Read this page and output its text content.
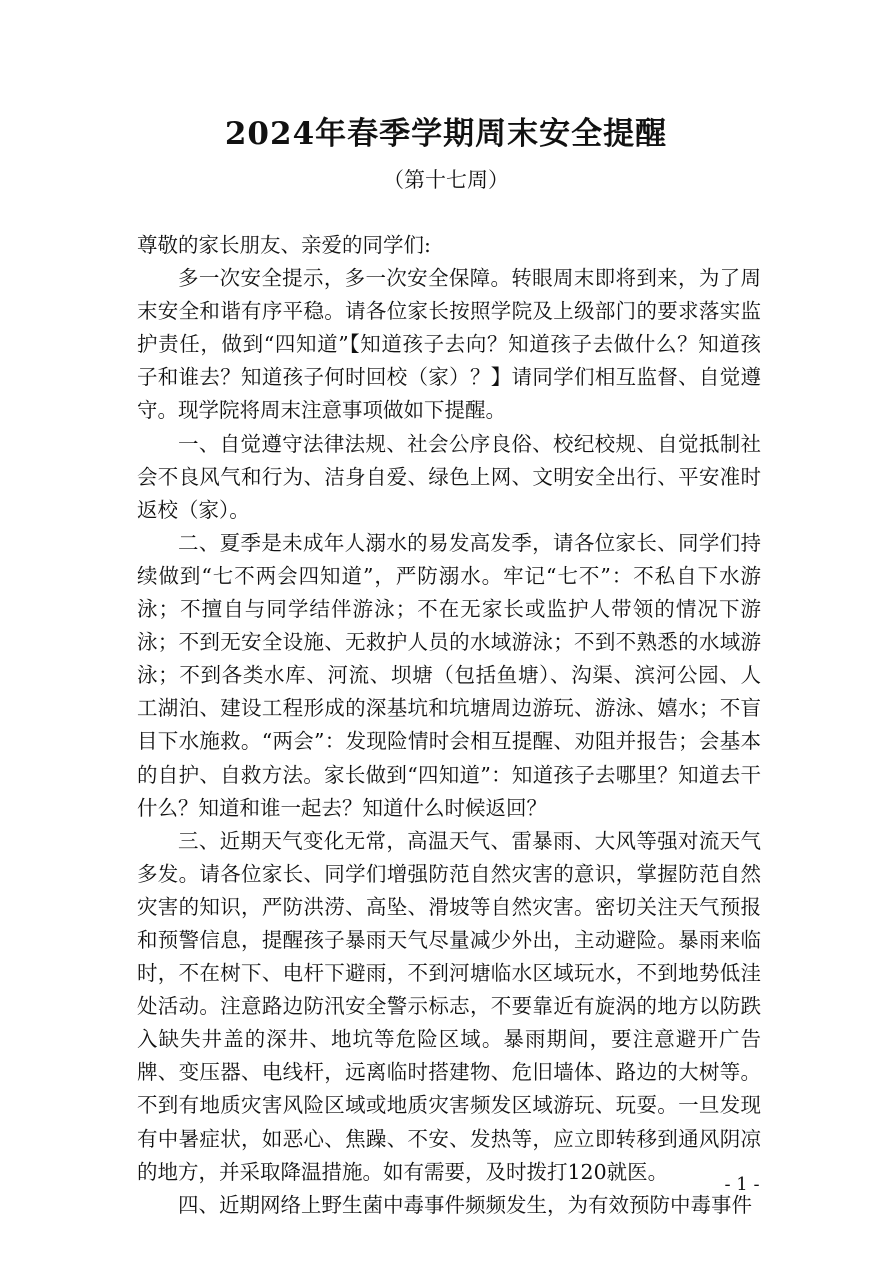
2024年春季学期周末安全提醒
（第十七周）

尊敬的家长朋友、亲爱的同学们:

多一次安全提示，多一次安全保障。转眼周末即将到来，为了周末安全和谐有序平稳。请各位家长按照学院及上级部门的要求落实监护责任，做到“四知道”【知道孩子去向？知道孩子去做什么？知道孩子和谁去？知道孩子何时回校（家）？】请同学们相互监督、自觉遵守。现学院将周末注意事项做如下提醒。

一、自觉遵守法律法规、社会公序良俗、校纪校规、自觉抵制社会不良风气和行为、洁身自爱、绿色上网、文明安全出行、平安准时返校（家）。

二、夏季是未成年人溺水的易发高发季，请各位家长、同学们持续做到“七不两会四知道”，严防溺水。牢记“七不”：不私自下水游泳；不擅自与同学结伴游泳；不在无家长或监护人带领的情况下游泳；不到无安全设施、无救护人员的水域游泳；不到不熟悉的水域游泳；不到各类水库、河流、坝塘（包括鱼塘）、沟渠、滨河公园、人工湖泊、建设工程形成的深基坑和坑塘周边游玩、游泳、嬉水；不盲目下水施救。“两会”：发现险情时会相互提醒、劝阻并报告；会基本的自护、自救方法。家长做到“四知道”：知道孩子去哪里？知道去干什么？知道和谁一起去？知道什么时候返回？

三、近期天气变化无常，高温天气、雷暴雨、大风等强对流天气多发。请各位家长、同学们增强防范自然灾害的意识，掌握防范自然灾害的知识，严防洪涝、高坠、滑坡等自然灾害。密切关注天气预报和预警信息，提醒孩子暴雨天气尽量减少外出，主动避险。暴雨来临时，不在树下、电杆下避雨，不到河塘临水区域玩水，不到地势低洼处活动。注意路边防汛安全警示标志，不要靠近有旋涡的地方以防跌入缺失井盖的深井、地坑等危险区域。暴雨期间，要注意避开广告牌、变压器、电线杆，远离临时搭建物、危旧墙体、路边的大树等。不到有地质灾害风险区域或地质灾害频发区域游玩、玩耍。一旦发现有中暑症状，如恶心、焦躁、不安、发热等，应立即转移到通风阴凉的地方，并采取降温措施。如有需要，及时拨打120就医。

四、近期网络上野生菌中毒事件频频发生，为有效预防中毒事件

- 1 -
